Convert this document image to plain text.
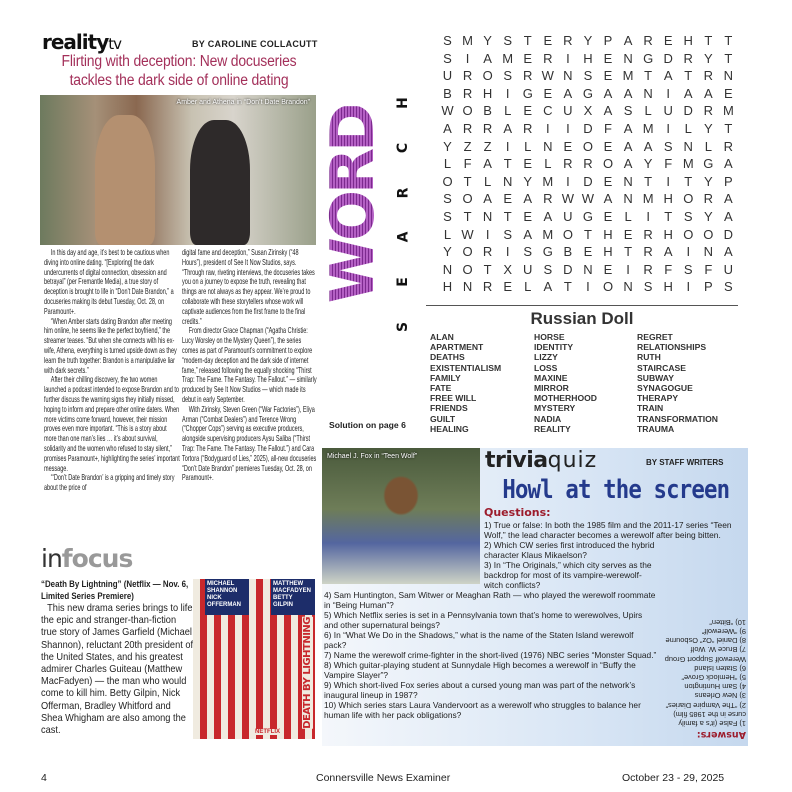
realitytv	BY CAROLINE COLLACUTT
Flirting with deception: New docuseries tackles the dark side of online dating
Amber and Athena in “Don’t Date Brandon”

In this day and age, it’s best to be cautious when diving into online dating. “[Exploring] the dark undercurrents of digital connection, obsession and betrayal” (per Fremantle Media), a true story of deception is brought to life in “Don’t Date Brandon,” a docuseries making its debut Tuesday, Oct. 28, on Paramount+.

“When Amber starts dating Brandon after meeting him online, he seems like the perfect boyfriend,” the streamer teases. “But when she connects with his ex-wife, Athena, everything is turned upside down as they learn the truth together: Brandon is a manipulative liar with dark secrets.”

After their chilling discovery, the two women launched a podcast intended to expose Brandon and to further discuss the warning signs they initially missed, hoping to inform and prepare other online daters. When more victims come forward, however, their mission proves even more important. “This is a story about more than one man’s lies … it’s about survival, solidarity and the women who refused to stay silent,” promises Paramount+, highlighting the series’ important message.

“‘Don’t Date Brandon’ is a gripping and timely story about the price of

digital fame and deception,” Susan Zirinsky (“48 Hours”), president of See It Now Studios, says. “Through raw, riveting interviews, the docuseries takes you on a journey to expose the truth, revealing that things are not always as they appear. We’re proud to collaborate with these storytellers whose work will captivate audiences from the first frame to the final credits.”

From director Grace Chapman (“Agatha Christie: Lucy Worsley on the Mystery Queen”), the series comes as part of Paramount’s commitment to explore “modern-day deception and the dark side of internet fame,” released following the equally shocking “Thirst Trap: The Fame. The Fantasy. The Fallout.” — similarly produced by See It Now Studios — which made its debut in early September.

With Zirinsky, Steven Green (“War Factories”), Eliya Arman (“Combat Dealers”) and Terence Wrong (“Chopper Cops”) serving as executive producers, alongside supervising producers Aysu Saliba (“Thirst Trap: The Fame. The Fantasy. The Fallout.”) and Cara Tortora (“Bodyguard of Lies,” 2025), all-new docuseries “Don’t Date Brandon” premieres Tuesday, Oct. 28, on Paramount+.

infocus
“Death By Lightning” (Netflix — Nov. 6, Limited Series Premiere)

This new drama series brings to life the epic and stranger-than-fiction true story of James Garfield (Michael Shannon), reluctant 20th president of the United States, and his greatest admirer Charles Guiteau (Matthew MacFadyen) — the man who would come to kill him. Betty Gilpin, Nick Offerman, Bradley Whitford and Shea Whigham are also among the cast.

MICHAEL SHANNON NICK OFFERMAN
MATTHEW MACFADYEN BETTY GILPIN
DEATH BY LIGHTNING
NETFLIX
WORD
S
E
A
R
C
H
S M Y S T E R Y P A R E H T T
S	I	A M E R	I	H E N G D R Y T
U R O S R W N S E M T A T R N
B R H	I	G E A G A A N	I	A A E
W O B L E C U X A S L U D R M
A R R A R	I	I	D F A M I	L Y T
Y Z Z	I	L N E O E A A S N L R
L F A T E L R R O A Y F M G A
O T L N Y M I	D E N T	I	T Y P
S O A E A R W W A N M H O R A
S T N T E A U G E L	I	T S Y A
L W I	S A M O T H E R H O O D
Y O R	I	S G B E H T R A	I	N A
N O T X U S D N E	I	R F S F U
H N R E L A T	I	O N S H	I	P S
Russian Doll
ALAN
APARTMENT
DEATHS
EXISTENTIALISM
FAMILY
FATE
FREE WILL
FRIENDS
GUILT
HEALING
HORSE
IDENTITY
LIZZY
LOSS
MAXINE
MIRROR
MOTHERHOOD
MYSTERY
NADIA
REALITY
REGRET
RELATIONSHIPS
RUTH
STAIRCASE
SUBWAY
SYNAGOGUE
THERAPY
TRAIN
TRANSFORMATION
TRAUMA
Solution on page 6
Michael J. Fox in “Teen Wolf”	triviaquiz	BY STAFF WRITERS
Howl at the screen
Questions:
1) True or false: In both the 1985 film and the 2011-17 series “Teen Wolf,” the lead character becomes a werewolf after being bitten.
2) Which CW series first introduced the hybrid character Klaus Mikaelson?
3) In “The Originals,” which city serves as the backdrop for most of its vampire-werewolf-witch conflicts?
4) Sam Huntington, Sam Witwer or Meaghan Rath — who played the werewolf roommate in “Being Human”?
5) Which Netflix series is set in a Pennsylvania town that’s home to werewolves, Upirs and other supernatural beings?
6) In “What We Do in the Shadows,” what is the name of the Staten Island werewolf pack?
7) Name the werewolf crime-fighter in the short-lived (1976) NBC series “Monster Squad.”
8) Which guitar-playing student at Sunnydale High becomes a werewolf in “Buffy the Vampire Slayer”?
9) Which short-lived Fox series about a cursed young man was part of the network’s inaugural lineup in 1987?
10) Which series stars Laura Vandervoort as a werewolf who struggles to balance her human life with her pack obligations?
Answers:
1) False (it’s a family curse in the 1985 film)
2) “The Vampire Diaries”
3) New Orleans
4) Sam Huntington
5) “Hemlock Grove”
6) Staten Island Werewolf Support Group
7) Bruce W. Wolf
8) Daniel “Oz” Osbourne
9) “Werewolf”
10) “Bitten”
4	Connersville News Examiner	October 23 - 29, 2025
